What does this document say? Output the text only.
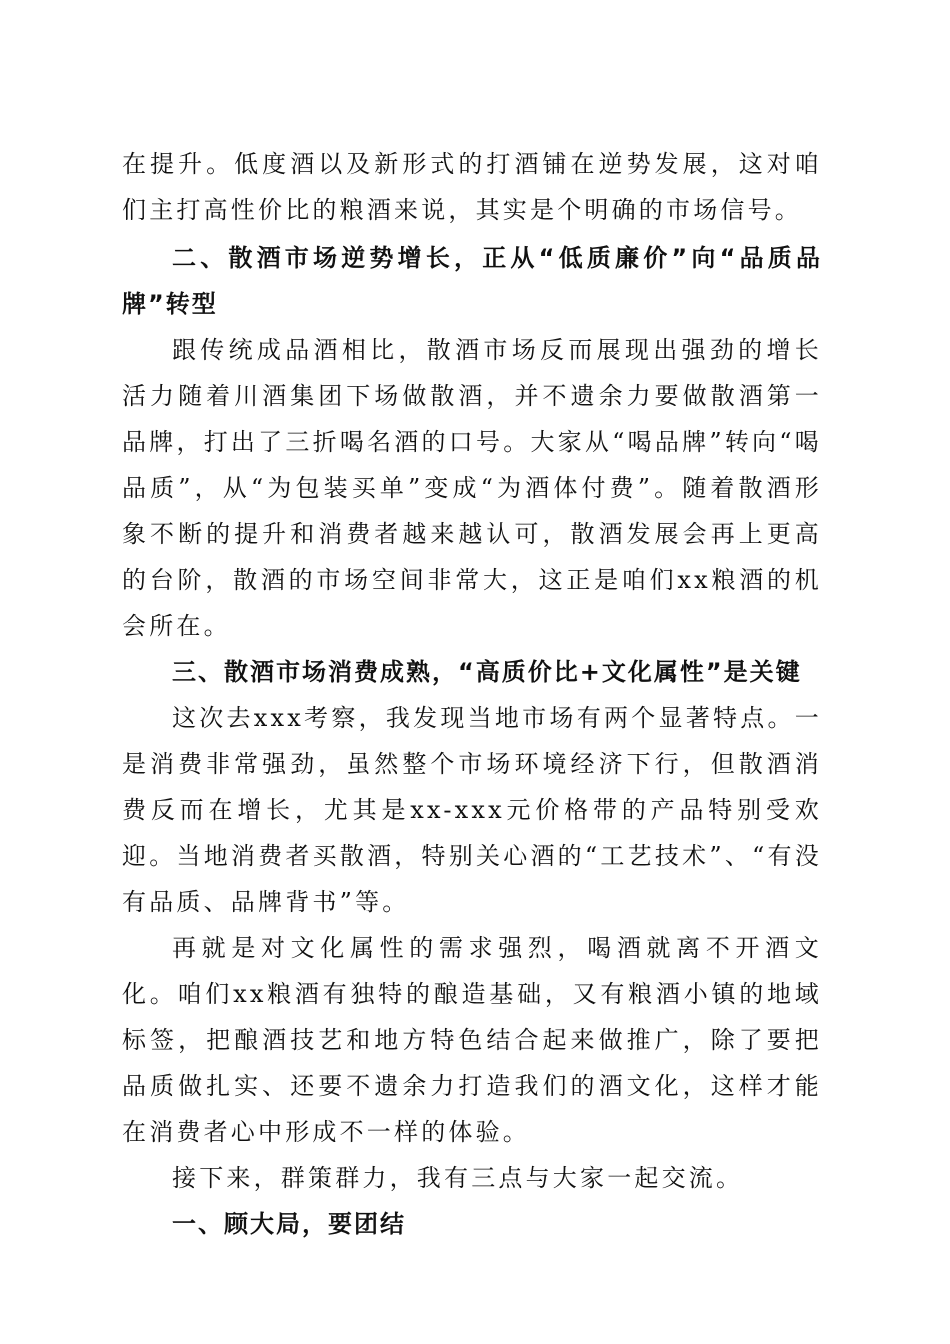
在提升。低度酒以及新形式的打酒铺在逆势发展，这对咱们主打高性价比的粮酒来说，其实是个明确的市场信号。

二、散酒市场逆势增长，正从“低质廉价”向“品质品牌”转型

跟传统成品酒相比，散酒市场反而展现出强劲的增长活力随着川酒集团下场做散酒，并不遗余力要做散酒第一品牌，打出了三折喝名酒的口号。大家从“喝品牌”转向“喝品质”，从“为包装买单”变成“为酒体付费”。随着散酒形象不断的提升和消费者越来越认可，散酒发展会再上更高的台阶，散酒的市场空间非常大，这正是咱们xx粮酒的机会所在。

三、散酒市场消费成熟，“高质价比+文化属性”是关键

这次去xxx考察，我发现当地市场有两个显著特点。一是消费非常强劲，虽然整个市场环境经济下行，但散酒消费反而在增长，尤其是xx-xxx元价格带的产品特别受欢迎。当地消费者买散酒，特别关心酒的“工艺技术”、“有没有品质、品牌背书”等。

再就是对文化属性的需求强烈，喝酒就离不开酒文化。咱们xx粮酒有独特的酿造基础，又有粮酒小镇的地域标签，把酿酒技艺和地方特色结合起来做推广，除了要把品质做扎实、还要不遗余力打造我们的酒文化，这样才能在消费者心中形成不一样的体验。

接下来，群策群力，我有三点与大家一起交流。

一、顾大局，要团结
